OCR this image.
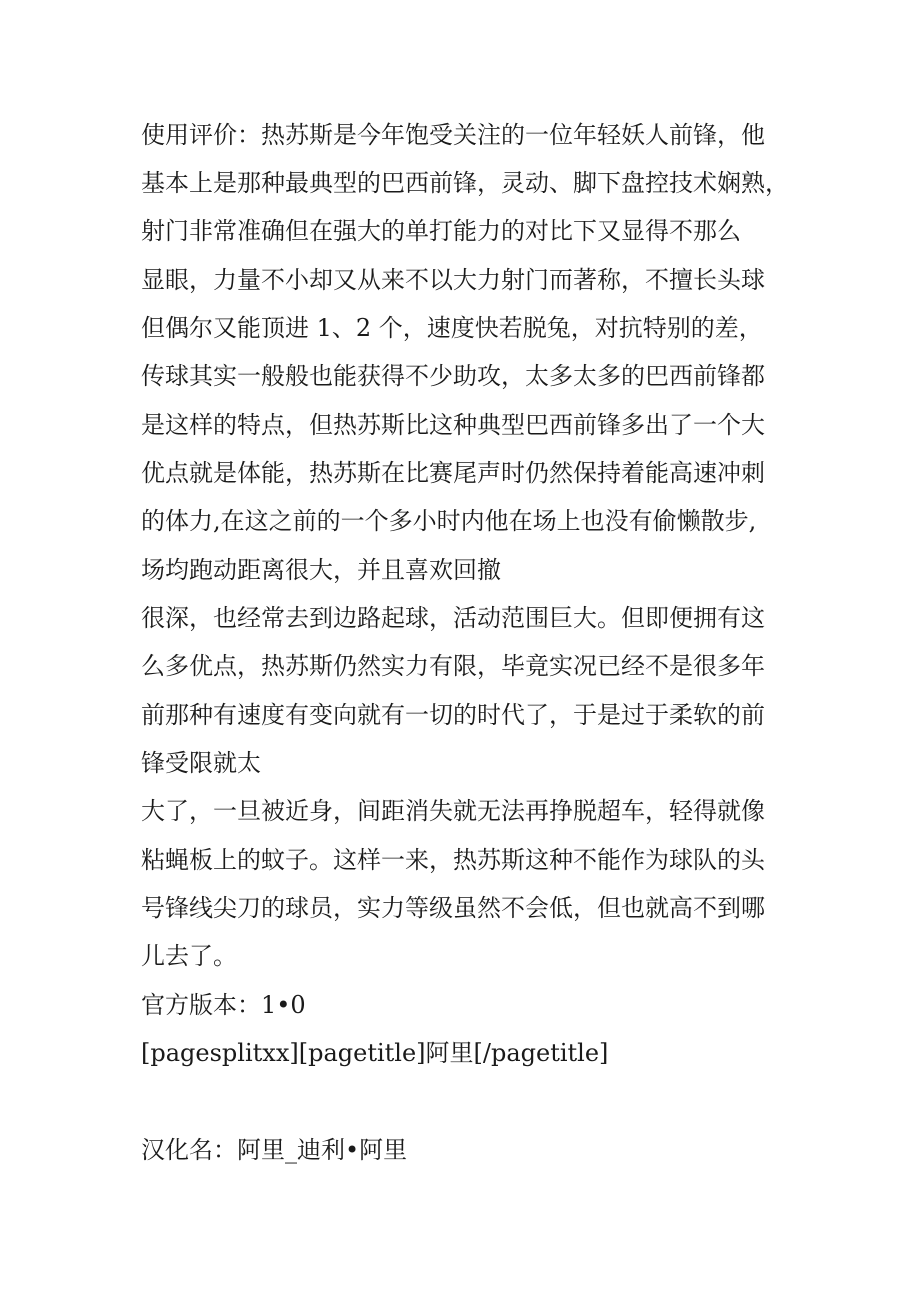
使用评价：热苏斯是今年饱受关注的一位年轻妖人前锋，他
基本上是那种最典型的巴西前锋，灵动、脚下盘控技术娴熟，
射门非常准确但在强大的单打能力的对比下又显得不那么
显眼，力量不小却又从来不以大力射门而著称，不擅长头球
但偶尔又能顶进 1、2 个，速度快若脱兔，对抗特别的差，
传球其实一般般也能获得不少助攻，太多太多的巴西前锋都
是这样的特点，但热苏斯比这种典型巴西前锋多出了一个大
优点就是体能，热苏斯在比赛尾声时仍然保持着能高速冲刺
的体力,在这之前的一个多小时内他在场上也没有偷懒散步,
场均跑动距离很大，并且喜欢回撤
很深，也经常去到边路起球，活动范围巨大。但即便拥有这
么多优点，热苏斯仍然实力有限，毕竟实况已经不是很多年
前那种有速度有变向就有一切的时代了，于是过于柔软的前
锋受限就太
大了，一旦被近身，间距消失就无法再挣脱超车，轻得就像
粘蝇板上的蚊子。这样一来，热苏斯这种不能作为球队的头
号锋线尖刀的球员，实力等级虽然不会低，但也就高不到哪
儿去了。
官方版本：1•0
[pagesplitxx][pagetitle]阿里[/pagetitle]
汉化名：阿里_迪利•阿里
